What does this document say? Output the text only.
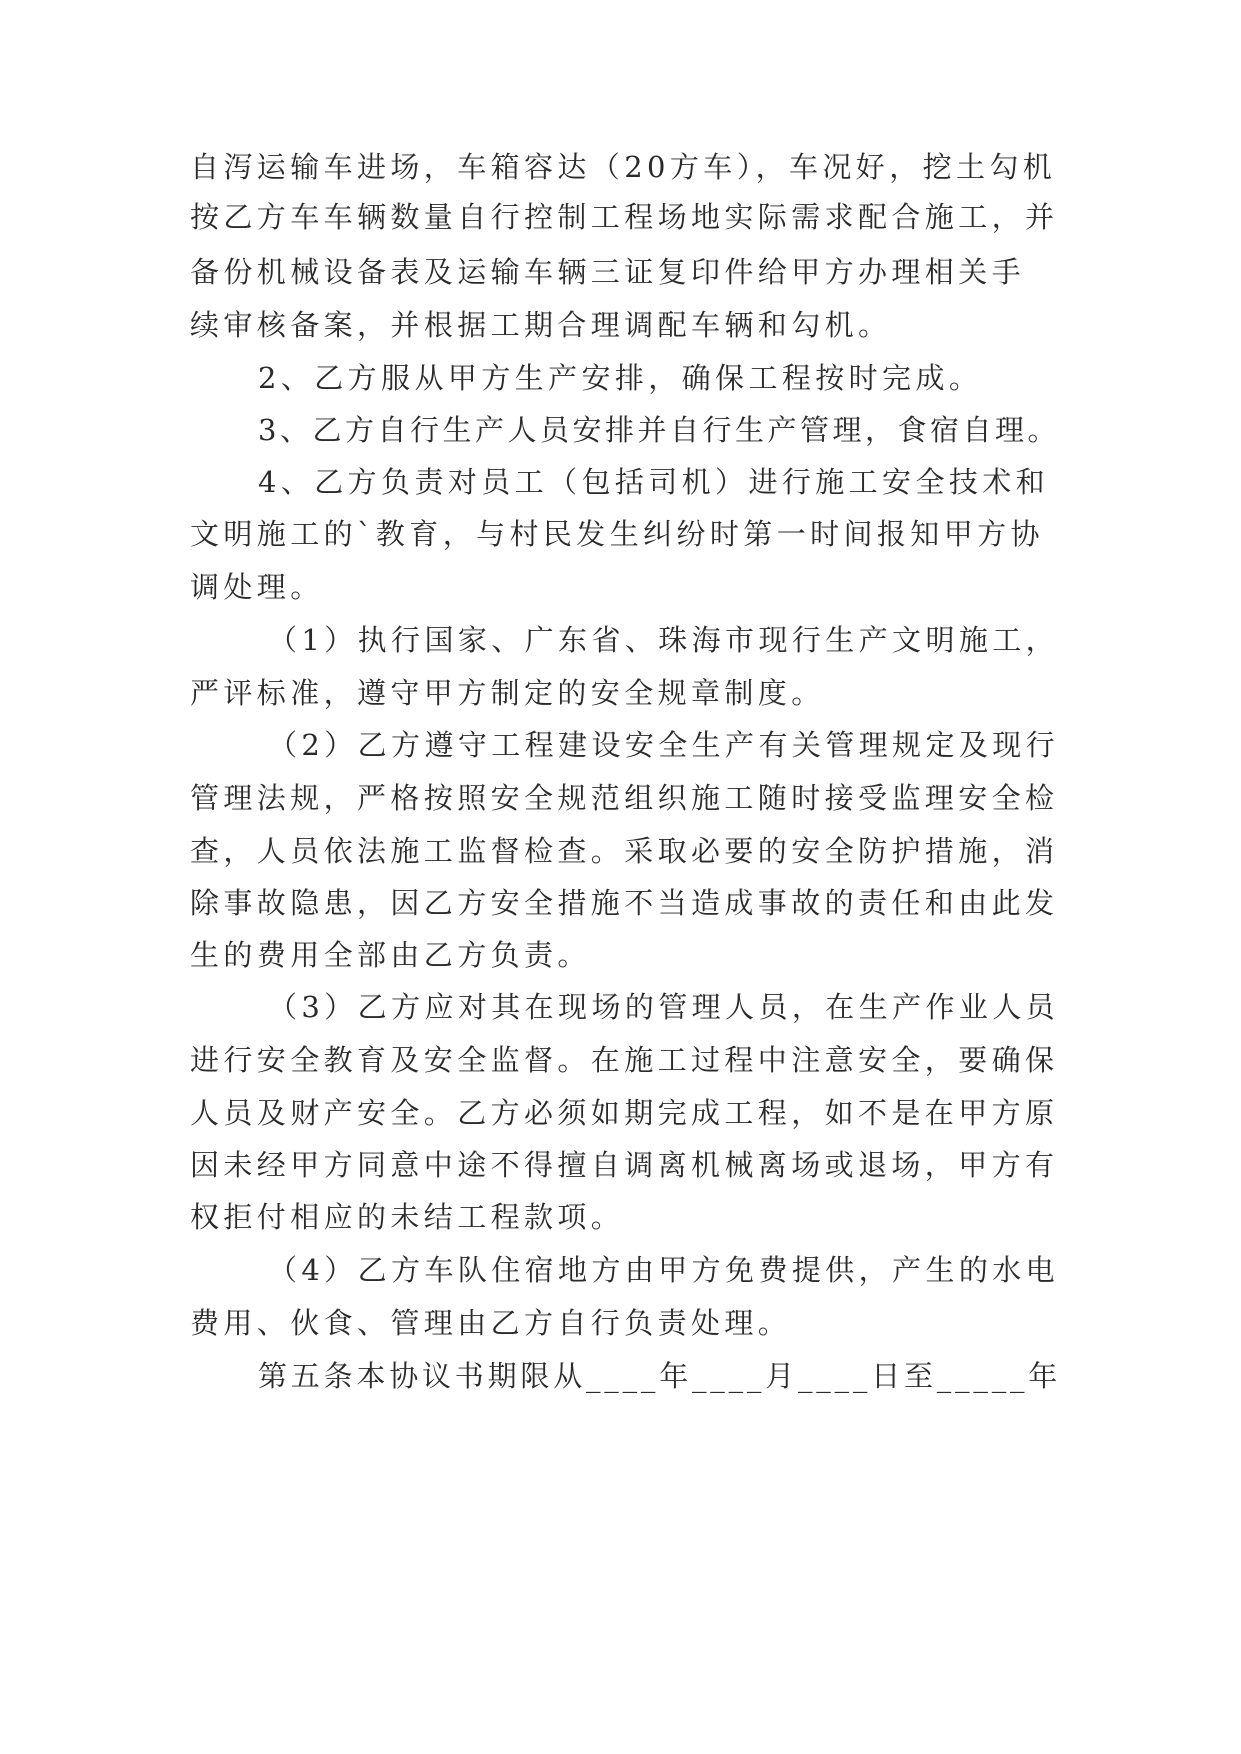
自泻运输车进场，车箱容达（20方车），车况好，挖土勾机
按乙方车车辆数量自行控制工程场地实际需求配合施工，并
备份机械设备表及运输车辆三证复印件给甲方办理相关手
续审核备案，并根据工期合理调配车辆和勾机。
2、乙方服从甲方生产安排，确保工程按时完成。
3、乙方自行生产人员安排并自行生产管理，食宿自理。
4、乙方负责对员工（包括司机）进行施工安全技术和
文明施工的`教育，与村民发生纠纷时第一时间报知甲方协
调处理。
（1）执行国家、广东省、珠海市现行生产文明施工，
严评标准，遵守甲方制定的安全规章制度。
（2）乙方遵守工程建设安全生产有关管理规定及现行
管理法规，严格按照安全规范组织施工随时接受监理安全检
查，人员依法施工监督检查。采取必要的安全防护措施，消
除事故隐患，因乙方安全措施不当造成事故的责任和由此发
生的费用全部由乙方负责。
（3）乙方应对其在现场的管理人员，在生产作业人员
进行安全教育及安全监督。在施工过程中注意安全，要确保
人员及财产安全。乙方必须如期完成工程，如不是在甲方原
因未经甲方同意中途不得擅自调离机械离场或退场，甲方有
权拒付相应的未结工程款项。
（4）乙方车队住宿地方由甲方免费提供，产生的水电
费用、伙食、管理由乙方自行负责处理。
第五条本协议书期限从____年____月____日至_____年
